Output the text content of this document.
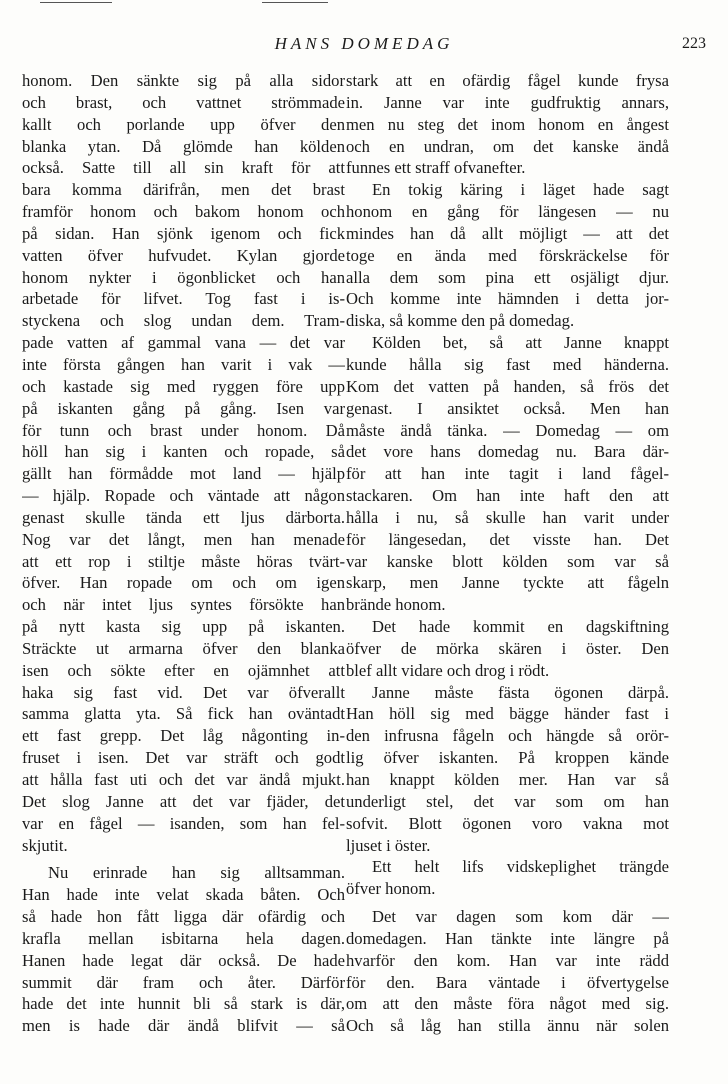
HANS DOMEDAG	223
honom. Den sänkte sig på alla sidor
och brast, och vattnet strömmade
kallt och porlande upp öfver den
blanka ytan. Då glömde han kölden
också. Satte till all sin kraft för att
bara komma därifrån, men det brast
framför honom och bakom honom och
på sidan. Han sjönk igenom och fick
vatten öfver hufvudet. Kylan gjorde
honom nykter i ögonblicket och han
arbetade för lifvet. Tog fast i is-
styckena och slog undan dem. Tram-
pade vatten af gammal vana — det var
inte första gången han varit i vak —
och kastade sig med ryggen före upp
på iskanten gång på gång. Isen var
för tunn och brast under honom. Då
höll han sig i kanten och ropade, så
gällt han förmådde mot land — hjälp
— hjälp. Ropade och väntade att någon
genast skulle tända ett ljus därborta.
Nog var det långt, men han menade
att ett rop i stiltje måste höras tvärt-
öfver. Han ropade om och om igen
och när intet ljus syntes försökte han
på nytt kasta sig upp på iskanten.
Sträckte ut armarna öfver den blanka
isen och sökte efter en ojämnhet att
haka sig fast vid. Det var öfverallt
samma glatta yta. Så fick han oväntadt
ett fast grepp. Det låg någonting in-
fruset i isen. Det var sträft och godt
att hålla fast uti och det var ändå mjukt.
Det slog Janne att det var fjäder, det
var en fågel — isanden, som han fel-
skjutit.
Nu erinrade han sig alltsamman.
Han hade inte velat skada båten. Och
så hade hon fått ligga där ofärdig och
krafla mellan isbitarna hela dagen.
Hanen hade legat där också. De hade
summit där fram och åter. Därför
hade det inte hunnit bli så stark is där,
men is hade där ändå blifvit — så
stark att en ofärdig fågel kunde frysa
in. Janne var inte gudfruktig annars,
men nu steg det inom honom en ångest
och en undran, om det kanske ändå
funnes ett straff ofvanefter.
En tokig käring i läget hade sagt
honom en gång för längesen — nu
mindes han då allt möjligt — att det
toge en ända med förskräckelse för
alla dem som pina ett osjäligt djur.
Och komme inte hämnden i detta jor-
diska, så komme den på domedag.
Kölden bet, så att Janne knappt
kunde hålla sig fast med händerna.
Kom det vatten på handen, så frös det
genast. I ansiktet också. Men han
måste ändå tänka. — Domedag — om
det vore hans domedag nu. Bara där-
för att han inte tagit i land fågel-
stackaren. Om han inte haft den att
hålla i nu, så skulle han varit under
för längesedan, det visste han. Det
var kanske blott kölden som var så
skarp, men Janne tyckte att fågeln
brände honom.
Det hade kommit en dagskiftning
öfver de mörka skären i öster. Den
blef allt vidare och drog i rödt.
Janne måste fästa ögonen därpå.
Han höll sig med bägge händer fast i
den infrusna fågeln och hängde så orör-
lig öfver iskanten. På kroppen kände
han knappt kölden mer. Han var så
underligt stel, det var som om han
sofvit. Blott ögonen voro vakna mot
ljuset i öster.
Ett helt lifs vidskeplighet trängde
öfver honom.
Det var dagen som kom där —
domedagen. Han tänkte inte längre på
hvarför den kom. Han var inte rädd
för den. Bara väntade i öfvertygelse
om att den måste föra något med sig.
Och så låg han stilla ännu när solen
